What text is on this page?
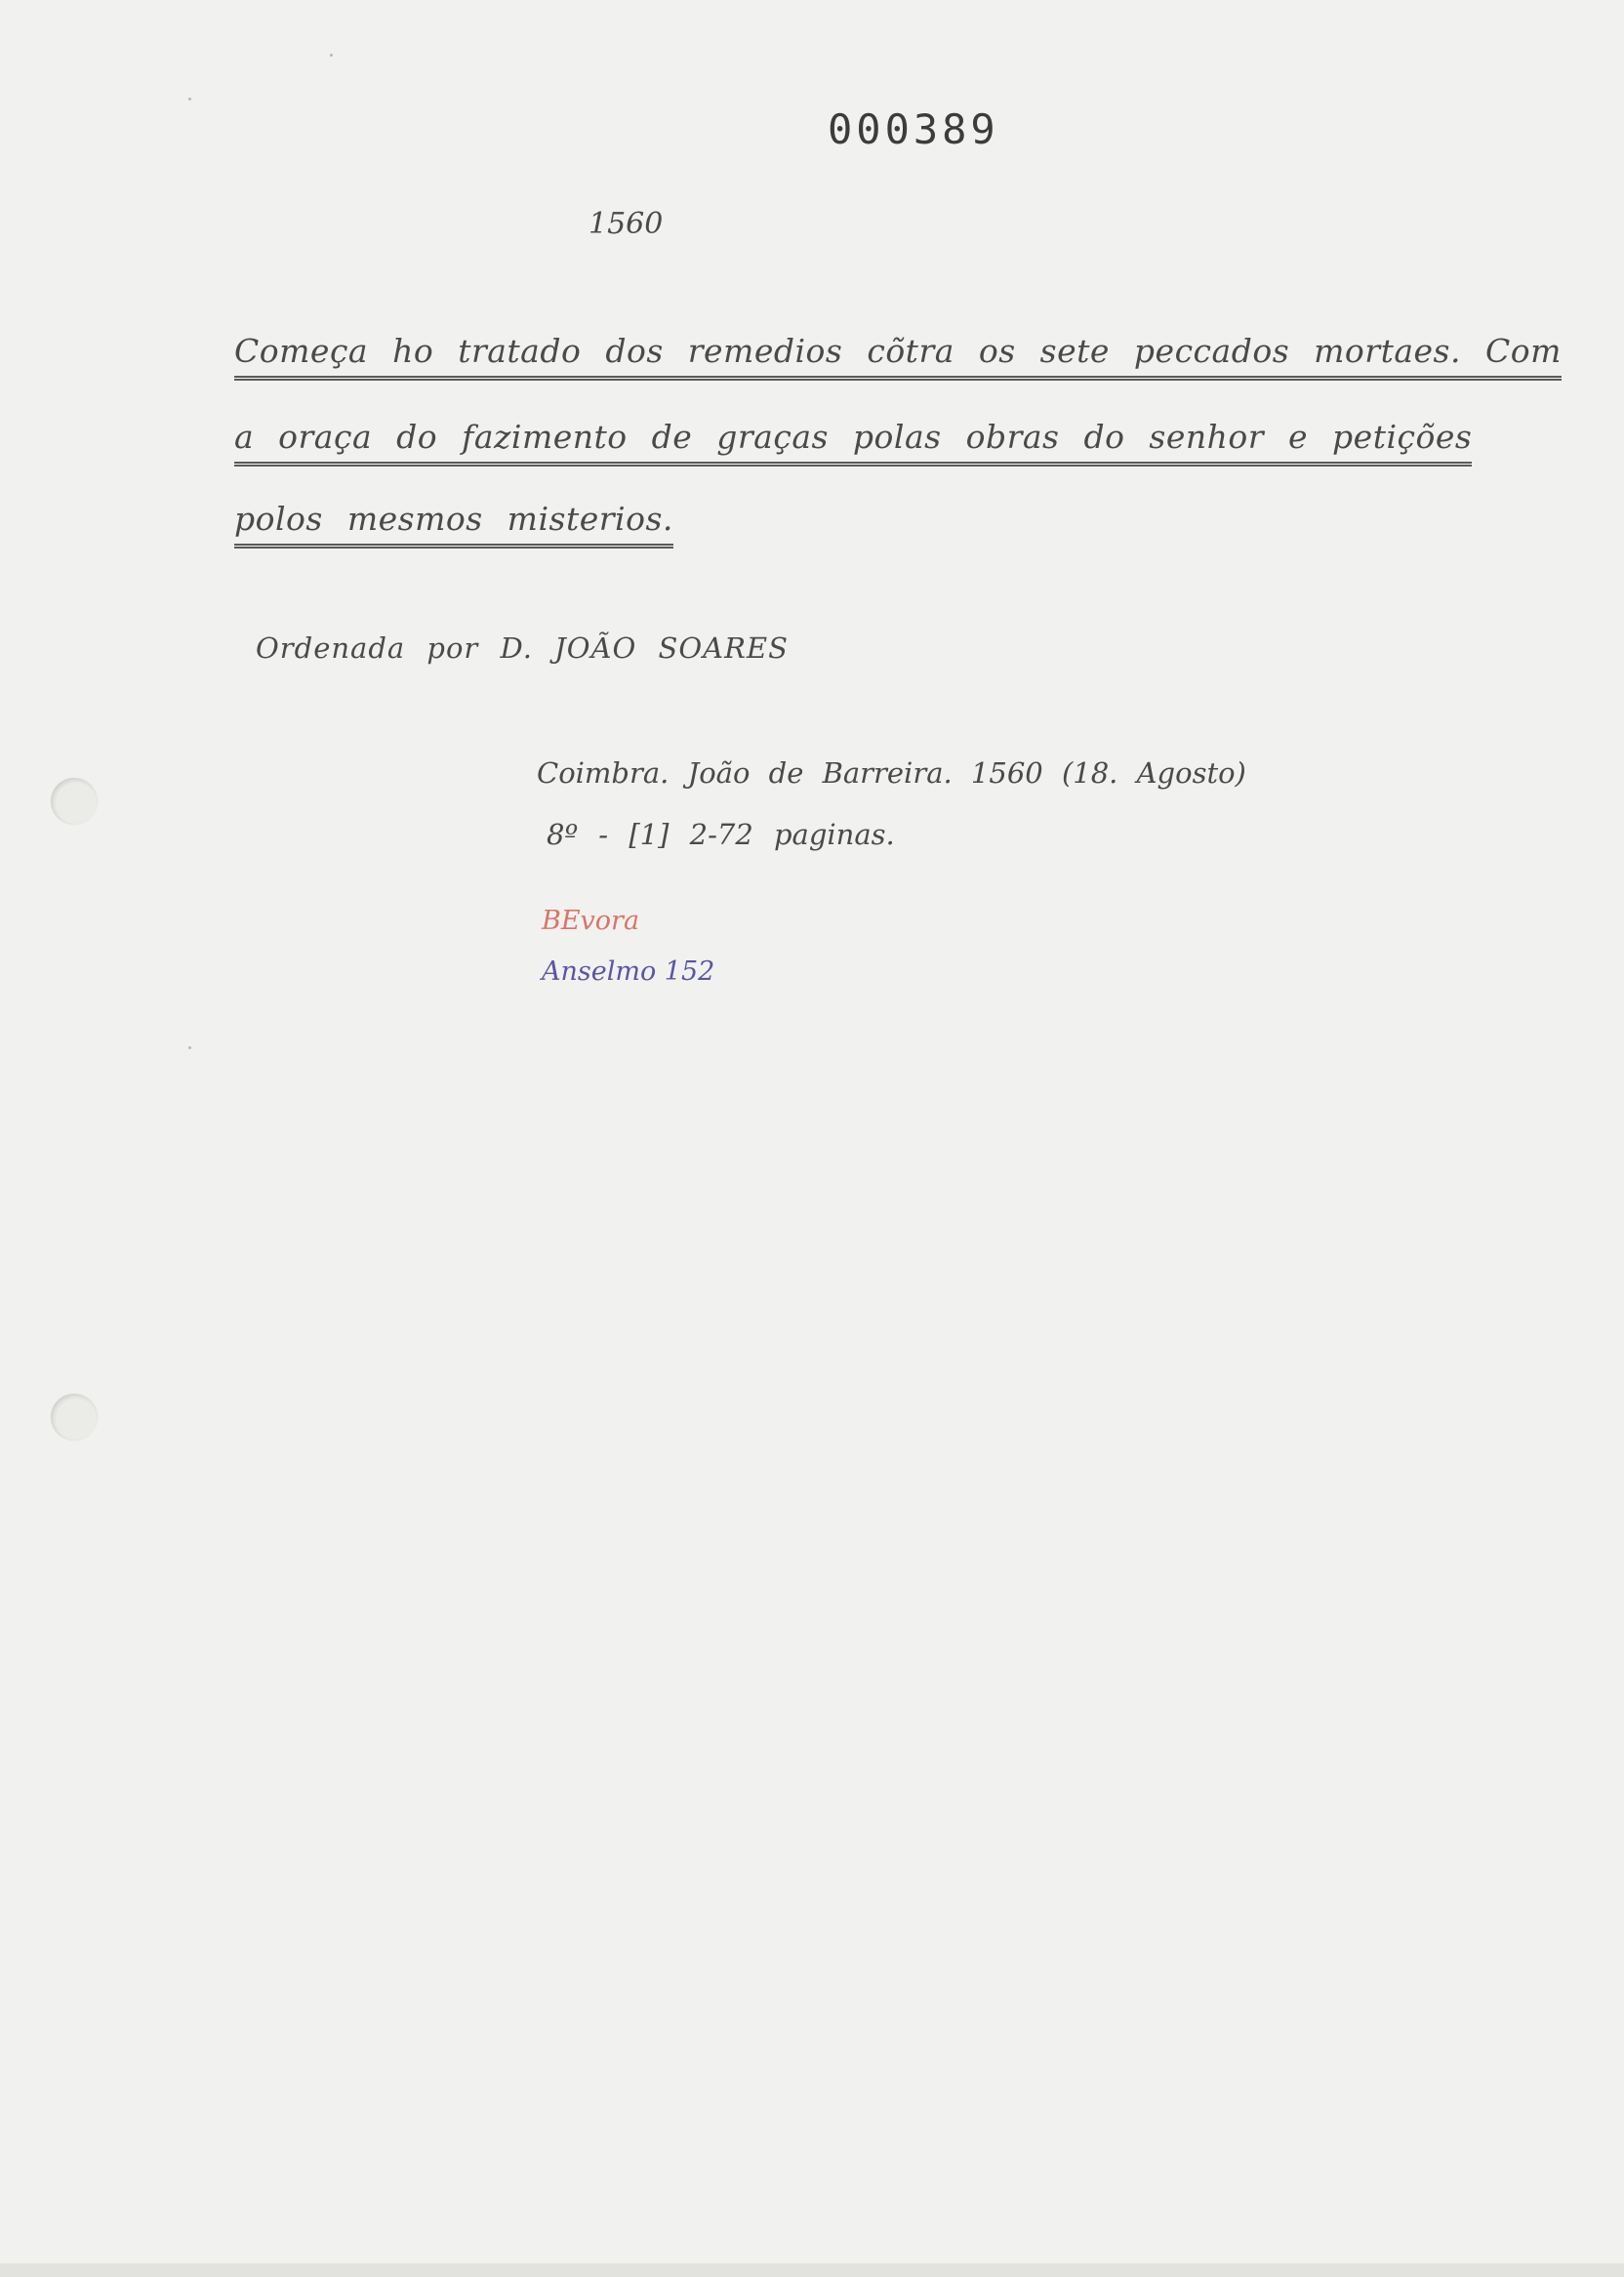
000389
1560
Começa ho tratado dos remedios cõtra os sete peccados mortaes. Com
a oraça do fazimento de graças polas obras do senhor e petições
polos mesmos misterios.
Ordenada por D. JOÃO SOARES
Coimbra. João de Barreira. 1560 (18. Agosto)
8º - [1] 2-72 paginas.
BEvora
Anselmo 152
